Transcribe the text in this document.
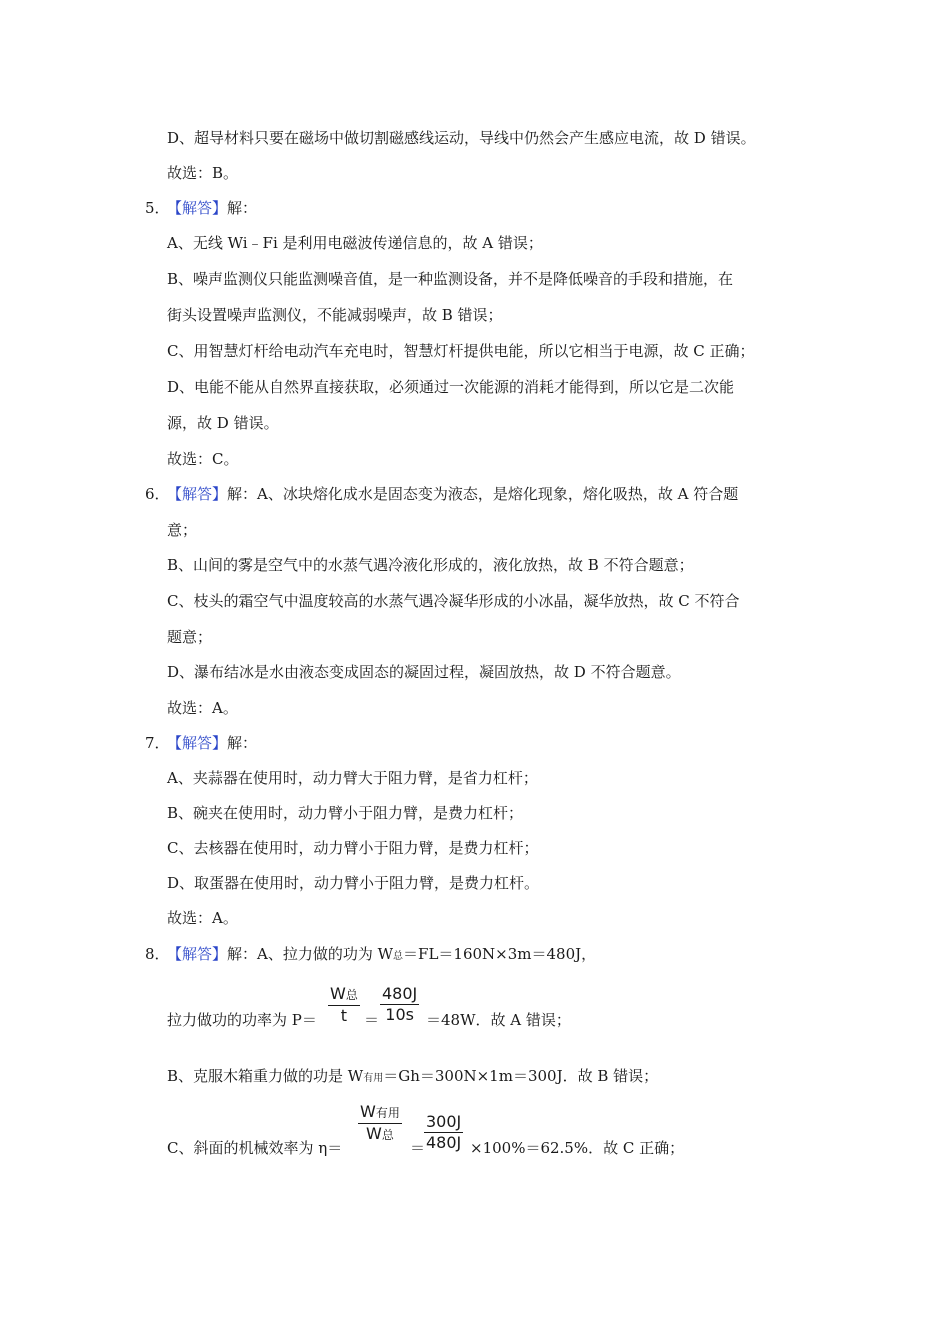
D、超导材料只要在磁场中做切割磁感线运动，导线中仍然会产生感应电流，故 D 错误。
故选：B。
5．
【解答】解：
A、无线 Wi﹣Fi 是利用电磁波传递信息的，故 A 错误；
B、噪声监测仪只能监测噪音值，是一种监测设备，并不是降低噪音的手段和措施，在
街头设置噪声监测仪，不能减弱噪声，故 B 错误；
C、用智慧灯杆给电动汽车充电时，智慧灯杆提供电能，所以它相当于电源，故 C 正确；
D、电能不能从自然界直接获取，必须通过一次能源的消耗才能得到，所以它是二次能
源，故 D 错误。
故选：C。
6．
【解答】解：A、冰块熔化成水是固态变为液态，是熔化现象，熔化吸热，故 A 符合题
意；
B、山间的雾是空气中的水蒸气遇冷液化形成的，液化放热，故 B 不符合题意；
C、枝头的霜空气中温度较高的水蒸气遇冷凝华形成的小冰晶，凝华放热，故 C 不符合
题意；
D、瀑布结冰是水由液态变成固态的凝固过程，凝固放热，故 D 不符合题意。
故选：A。
7．
【解答】解：
A、夹蒜器在使用时，动力臂大于阻力臂，是省力杠杆；
B、碗夹在使用时，动力臂小于阻力臂，是费力杠杆；
C、去核器在使用时，动力臂小于阻力臂，是费力杠杆；
D、取蛋器在使用时，动力臂小于阻力臂，是费力杠杆。
故选：A。
8．
【解答】解：A、拉力做的功为 W总＝FL＝160N×3m＝480J，
拉力做功的功率为 P＝
W总
t	＝ $\frac{480J}{10s} =48W$．故 A 错误；
B、克服木箱重力做的功是 W有用＝Gh＝300N×1m＝300J．故 B 错误；
C、斜面的机械效率为 η＝
W有用
W总
＝
$\frac{300J}{480J} \times 100\%=62.5\%$．故 C 正确；
